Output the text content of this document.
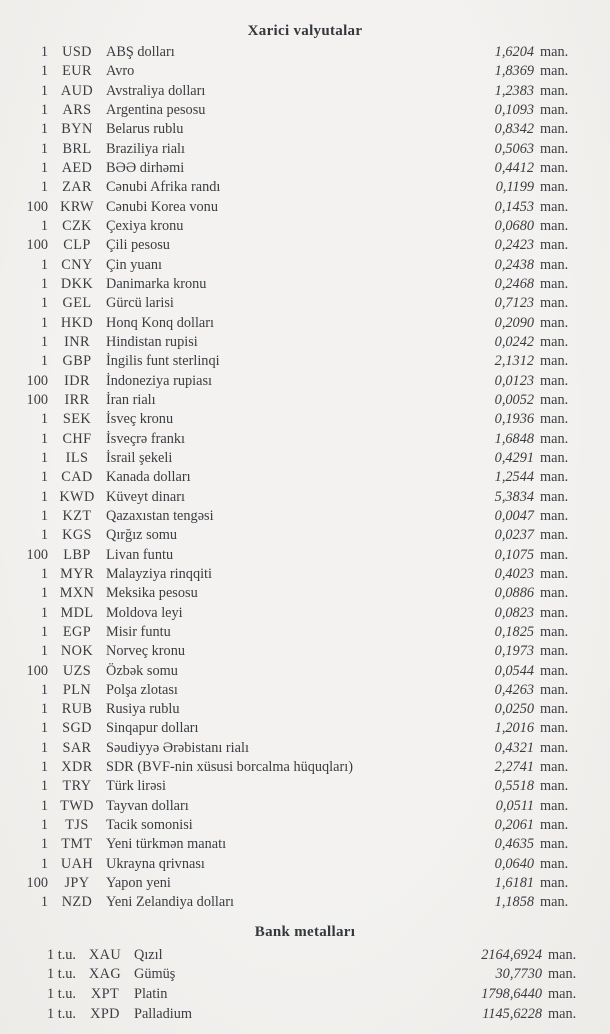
Xarici valyutalar
1 USD ABŞ dolları	1,6204 man.
1 EUR Avro	1,8369 man.
1 AUD Avstraliya dolları	1,2383 man.
1	ARS	Argentina pesosu	0,1093 man.
1 BYN Belarus rublu	0,8342 man.
1	BRL	Braziliya rialı	0,5063 man.
1 AED BƏƏ dirhəmi	0,4412 man.
1 ZAR Cənubi Afrika randı	0,1199 man.
100 KRW Cənubi Korea vonu	0,1453 man.
1 CZK Çexiya kronu	0,0680 man.
100	CLP	Çili pesosu	0,2423 man.
1 CNY Çin yuanı	0,2438 man.
1 DKK Danimarka kronu	0,2468 man.
1	GEL	Gürcü larisi	0,7123 man.
1 HKD Honq Konq dolları	0,2090 man.
1	INR	Hindistan rupisi	0,0242 man.
1	GBP	İngilis funt sterlinqi	2,1312 man.
100	IDR	İndoneziya rupiası	0,0123 man.
100	IRR	İran rialı	0,0052 man.
1	SEK	İsveç kronu	0,1936 man.
1	CHF	İsveçrə frankı	1,6848 man.
1	ILS	İsrail şekeli	0,4291 man.
1 CAD Kanada dolları	1,2544 man.
1 KWD Küveyt dinarı	5,3834 man.
1	KZT	Qazaxıstan tengəsi	0,0047 man.
1 KGS Qırğız somu	0,0237 man.
100	LBP	Livan funtu	0,1075 man.
1 MYR Malayziya rinqqiti	0,4023 man.
1 MXN Meksika pesosu	0,0886 man.
1 MDL Moldova leyi	0,0823 man.
1	EGP	Misir funtu	0,1825 man.
1 NOK Norveç kronu	0,1973 man.
100	UZS	Özbək somu	0,0544 man.
1	PLN	Polşa zlotası	0,4263 man.
1 RUB Rusiya rublu	0,0250 man.
1 SGD Sinqapur dolları	1,2016 man.
1	SAR	Səudiyyə Ərəbistanı rialı	0,4321 man.
1 XDR SDR (BVF-nin xüsusi borcalma hüquqları)	2,2741 man.
1	TRY	Türk lirəsi	0,5518 man.
1 TWD Tayvan dolları	0,0511 man.
1	TJS	Tacik somonisi	0,2061 man.
1 TMT Yeni türkmən manatı	0,4635 man.
1 UAH Ukrayna qrivnası	0,0640 man.
100	JPY	Yapon yeni	1,6181 man.
1 NZD Yeni Zelandiya dolları	1,1858 man.
Bank metalları
1 t.u. XAU Qızıl	2164,6924 man.
1 t.u. XAG Gümüş	30,7730 man.
1 t.u.	XPT	Platin	1798,6440 man.
1 t.u. XPD Palladium	1145,6228 man.
